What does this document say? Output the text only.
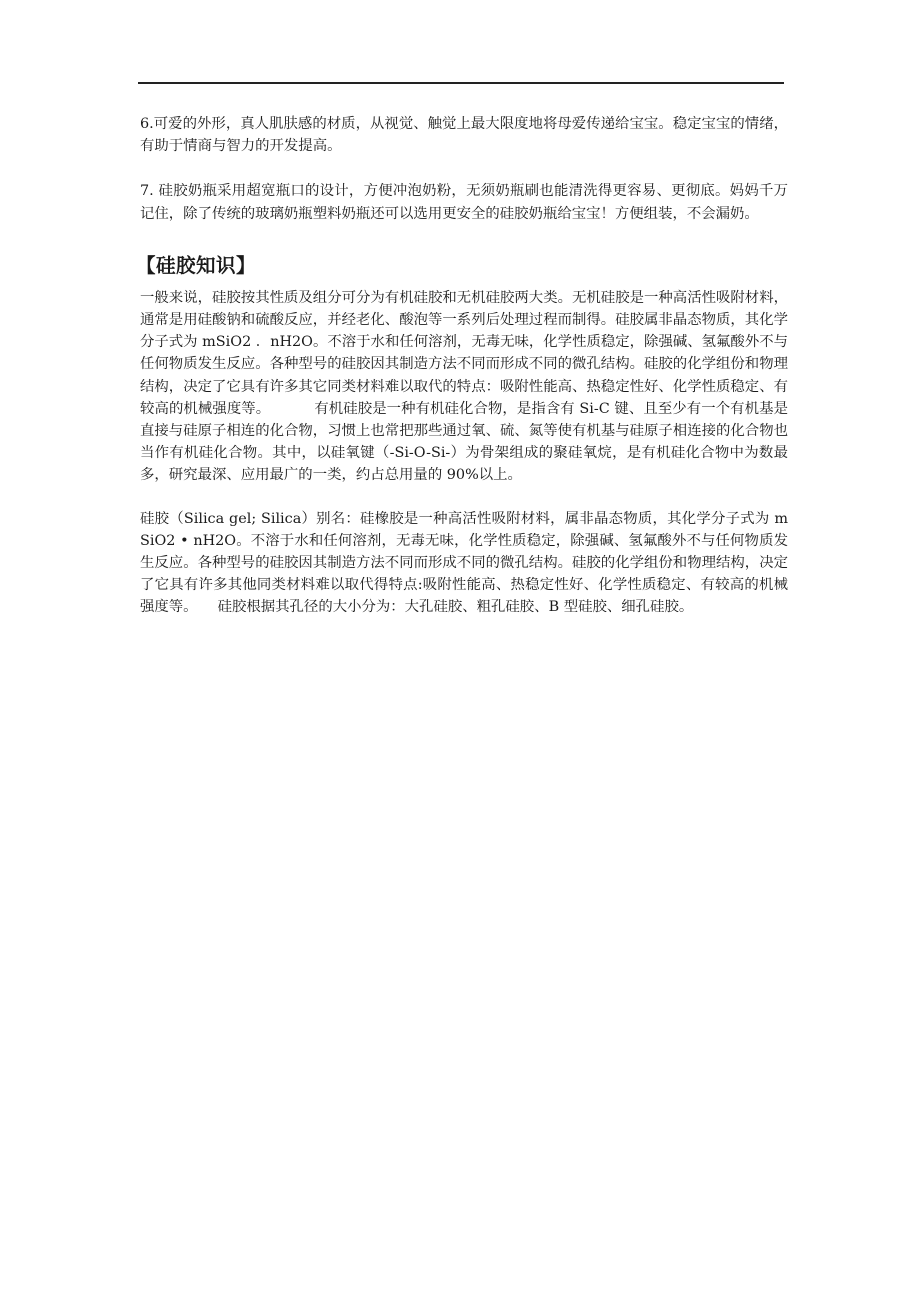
6.可爱的外形，真人肌肤感的材质，从视觉、触觉上最大限度地将母爱传递给宝宝。稳定宝宝的情绪，有助于情商与智力的开发提高。

7. 硅胶奶瓶采用超宽瓶口的设计，方便冲泡奶粉，无须奶瓶刷也能清洗得更容易、更彻底。妈妈千万记住，除了传统的玻璃奶瓶塑料奶瓶还可以选用更安全的硅胶奶瓶给宝宝！方便组装，不会漏奶。

【硅胶知识】

一般来说，硅胶按其性质及组分可分为有机硅胶和无机硅胶两大类。无机硅胶是一种高活性吸附材料，通常是用硅酸钠和硫酸反应，并经老化、酸泡等一系列后处理过程而制得。硅胶属非晶态物质，其化学分子式为 mSiO2 ．nH2O。不溶于水和任何溶剂，无毒无味，化学性质稳定，除强碱、氢氟酸外不与任何物质发生反应。各种型号的硅胶因其制造方法不同而形成不同的微孔结构。硅胶的化学组份和物理结构，决定了它具有许多其它同类材料难以取代的特点：吸附性能高、热稳定性好、化学性质稳定、有较高的机械强度等。	有机硅胶是一种有机硅化合物，是指含有 Si-C 键、且至少有一个有机基是直接与硅原子相连的化合物，习惯上也常把那些通过氧、硫、氮等使有机基与硅原子相连接的化合物也当作有机硅化合物。其中，以硅氧键（-Si-O-Si-）为骨架组成的聚硅氧烷，是有机硅化合物中为数最多，研究最深、应用最广的一类，约占总用量的 90%以上。

硅胶（Silica gel; Silica）别名：硅橡胶是一种高活性吸附材料，属非晶态物质，其化学分子式为 mSiO2 • nH2O。不溶于水和任何溶剂，无毒无味，化学性质稳定，除强碱、氢氟酸外不与任何物质发生反应。各种型号的硅胶因其制造方法不同而形成不同的微孔结构。硅胶的化学组份和物理结构，决定了它具有许多其他同类材料难以取代得特点:吸附性能高、热稳定性好、化学性质稳定、有较高的机械强度等。 硅胶根据其孔径的大小分为：大孔硅胶、粗孔硅胶、B 型硅胶、细孔硅胶。
